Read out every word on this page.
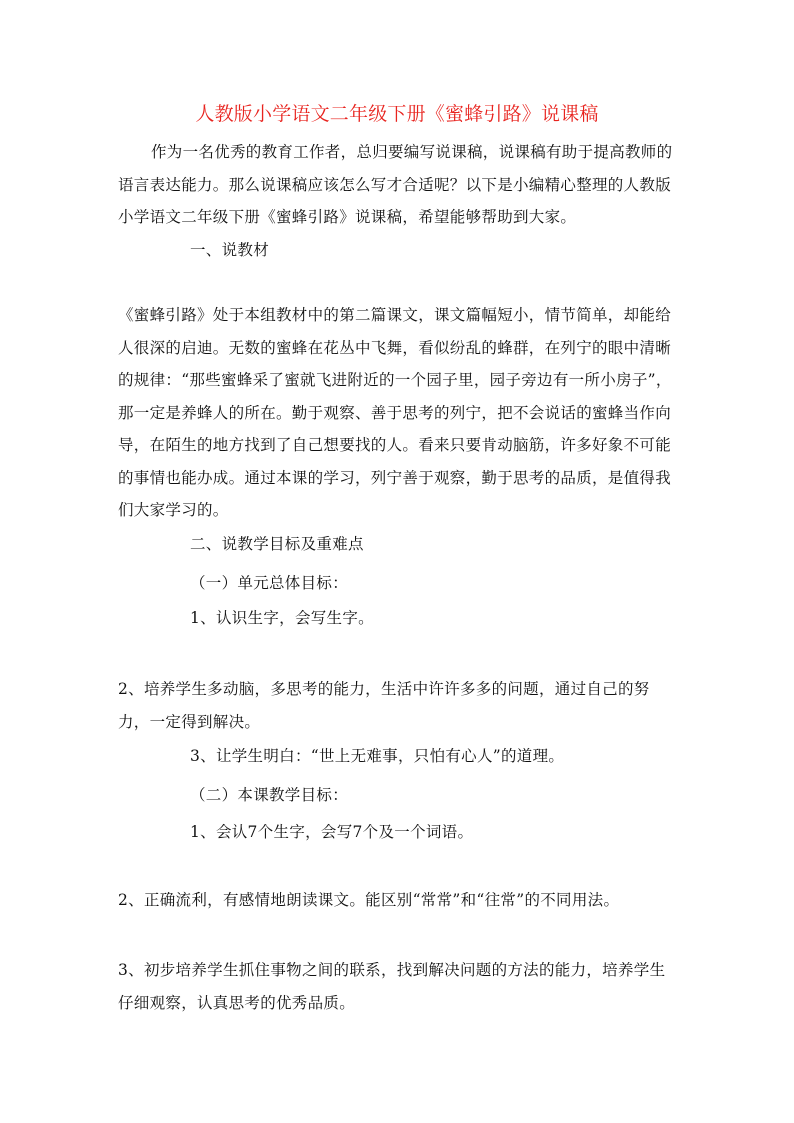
人教版小学语文二年级下册《蜜蜂引路》说课稿
作为一名优秀的教育工作者，总归要编写说课稿，说课稿有助于提高教师的语言表达能力。那么说课稿应该怎么写才合适呢？以下是小编精心整理的人教版小学语文二年级下册《蜜蜂引路》说课稿，希望能够帮助到大家。
一、说教材
《蜜蜂引路》处于本组教材中的第二篇课文，课文篇幅短小，情节简单，却能给人很深的启迪。无数的蜜蜂在花丛中飞舞，看似纷乱的蜂群，在列宁的眼中清晰的规律：“那些蜜蜂采了蜜就飞进附近的一个园子里，园子旁边有一所小房子”，那一定是养蜂人的所在。勤于观察、善于思考的列宁，把不会说话的蜜蜂当作向导，在陌生的地方找到了自己想要找的人。看来只要肯动脑筋，许多好象不可能的事情也能办成。通过本课的学习，列宁善于观察，勤于思考的品质，是值得我们大家学习的。
二、说教学目标及重难点
（一）单元总体目标：
1、认识生字，会写生字。
2、培养学生多动脑，多思考的能力，生活中许许多多的问题，通过自己的努力，一定得到解决。
3、让学生明白：“世上无难事，只怕有心人”的道理。
（二）本课教学目标：
1、会认7个生字，会写7个及一个词语。
2、正确流利，有感情地朗读课文。能区别“常常”和“往常”的不同用法。
3、初步培养学生抓住事物之间的联系，找到解决问题的方法的能力，培养学生仔细观察，认真思考的优秀品质。
